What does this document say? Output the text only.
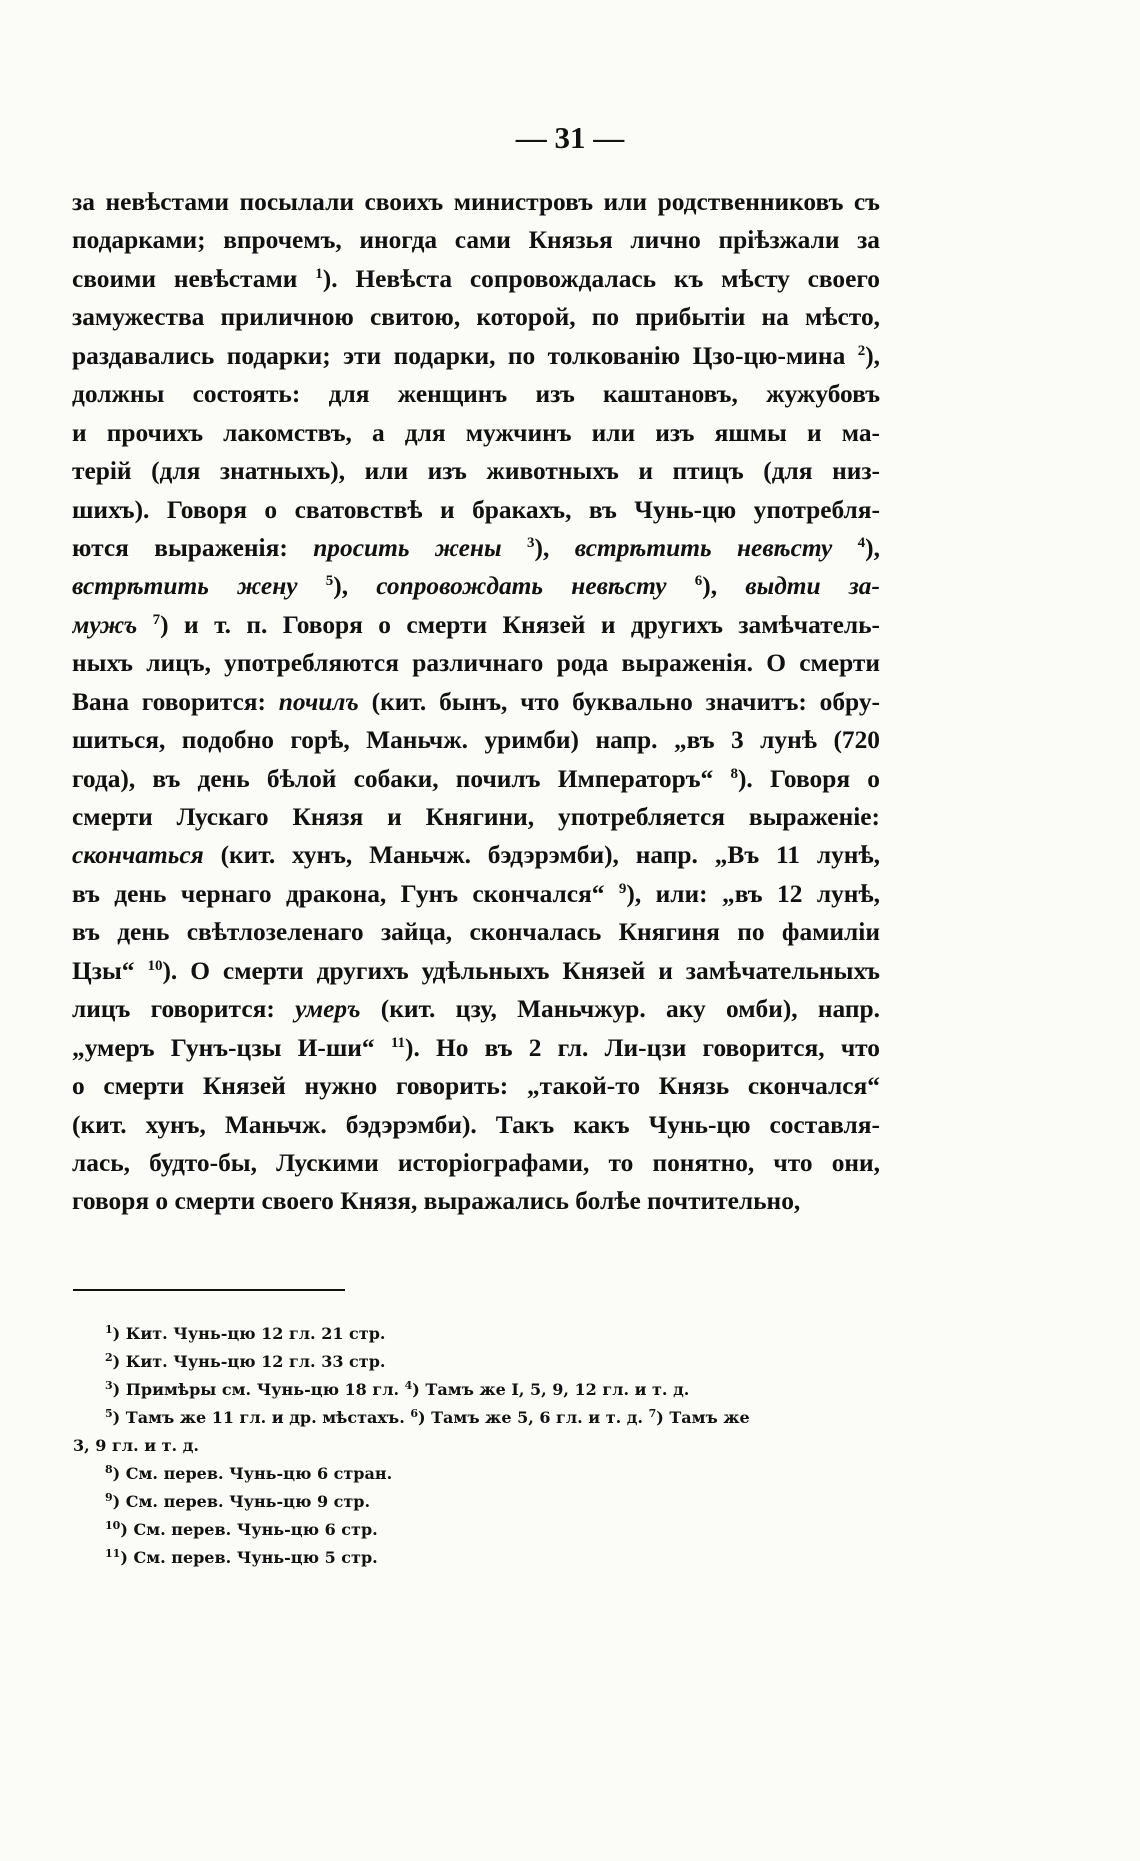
— 31 —
за невѣстами посылали своихъ министровъ или родственниковъ съ
подарками; впрочемъ, иногда сами Князья лично пріѣзжали за
своими невѣстами $^1$). Невѣста сопровождалась къ мѣсту своего
замужества приличною свитою, которой, по прибытіи на мѣсто,
раздавались подарки; эти подарки, по толкованію Цзо-цю-мина $^2$),
должны состоять: для женщинъ изъ каштановъ, жужубовъ
и прочихъ лакомствъ, а для мужчинъ или изъ яшмы и ма-
терій (для знатныхъ), или изъ животныхъ и птицъ (для низ-
шихъ). Говоря о сватовствѣ и бракахъ, въ Чунь-цю употребля-
ются выраженія: просить жены $^3$), встрѣтить невѣсту $^4$),
встрѣтить жену $^5$), сопровождать невѣсту $^6$), выдти за-
мужъ $^7$) и т. п. Говоря о смерти Князей и другихъ замѣчатель-
ныхъ лицъ, употребляются различнаго рода выраженія. О смерти
Вана говорится: почилъ (кит. бынъ, что буквально значитъ: обру-
шиться, подобно горѣ, Маньчж. уримби) напр. „въ 3 лунѣ (720
года), въ день бѣлой собаки, почилъ Императоръ“ $^8$). Говоря о
смерти Лускаго Князя и Княгини, употребляется выраженіе:
скончаться (кит. хунъ, Маньчж. бэдэрэмби), напр. „Въ 11 лунѣ,
въ день чернаго дракона, Гунъ скончался“ $^9$), или: „въ 12 лунѣ,
въ день свѣтлозеленаго зайца, скончалась Княгиня по фамиліи
Цзы“ $^{10}$). О смерти другихъ удѣльныхъ Князей и замѣчательныхъ
лицъ говорится: умеръ (кит. цзу, Маньчжур. аку омби), напр.
„умеръ Гунъ-цзы И-ши“ $^{11}$). Но въ 2 гл. Ли-цзи говорится, что
о смерти Князей нужно говорить: „такой-то Князь скончался“
(кит. хунъ, Маньчж. бэдэрэмби). Такъ какъ Чунь-цю составля-
лась, будто-бы, Лускими исторіографами, то понятно, что они,
говоря о смерти своего Князя, выражались болѣе почтительно,
$^1$) Кит. Чунь-цю 12 гл. 21 стр.
$^2$) Кит. Чунь-цю 12 гл. 33 стр.
$^3$) Примѣры см. Чунь-цю 18 гл. $^4$) Тамъ же I, 5, 9, 12 гл. и т. д.
$^5$) Тамъ же 11 гл. и др. мѣстахъ. $^6$) Тамъ же 5, 6 гл. и т. д. $^7$) Тамъ же
3, 9 гл. и т. д.
$^8$) См. перев. Чунь-цю 6 стран.
$^9$) См. перев. Чунь-цю 9 стр.
$^{10}$) См. перев. Чунь-цю 6 стр.
$^{11}$) См. перев. Чунь-цю 5 стр.
